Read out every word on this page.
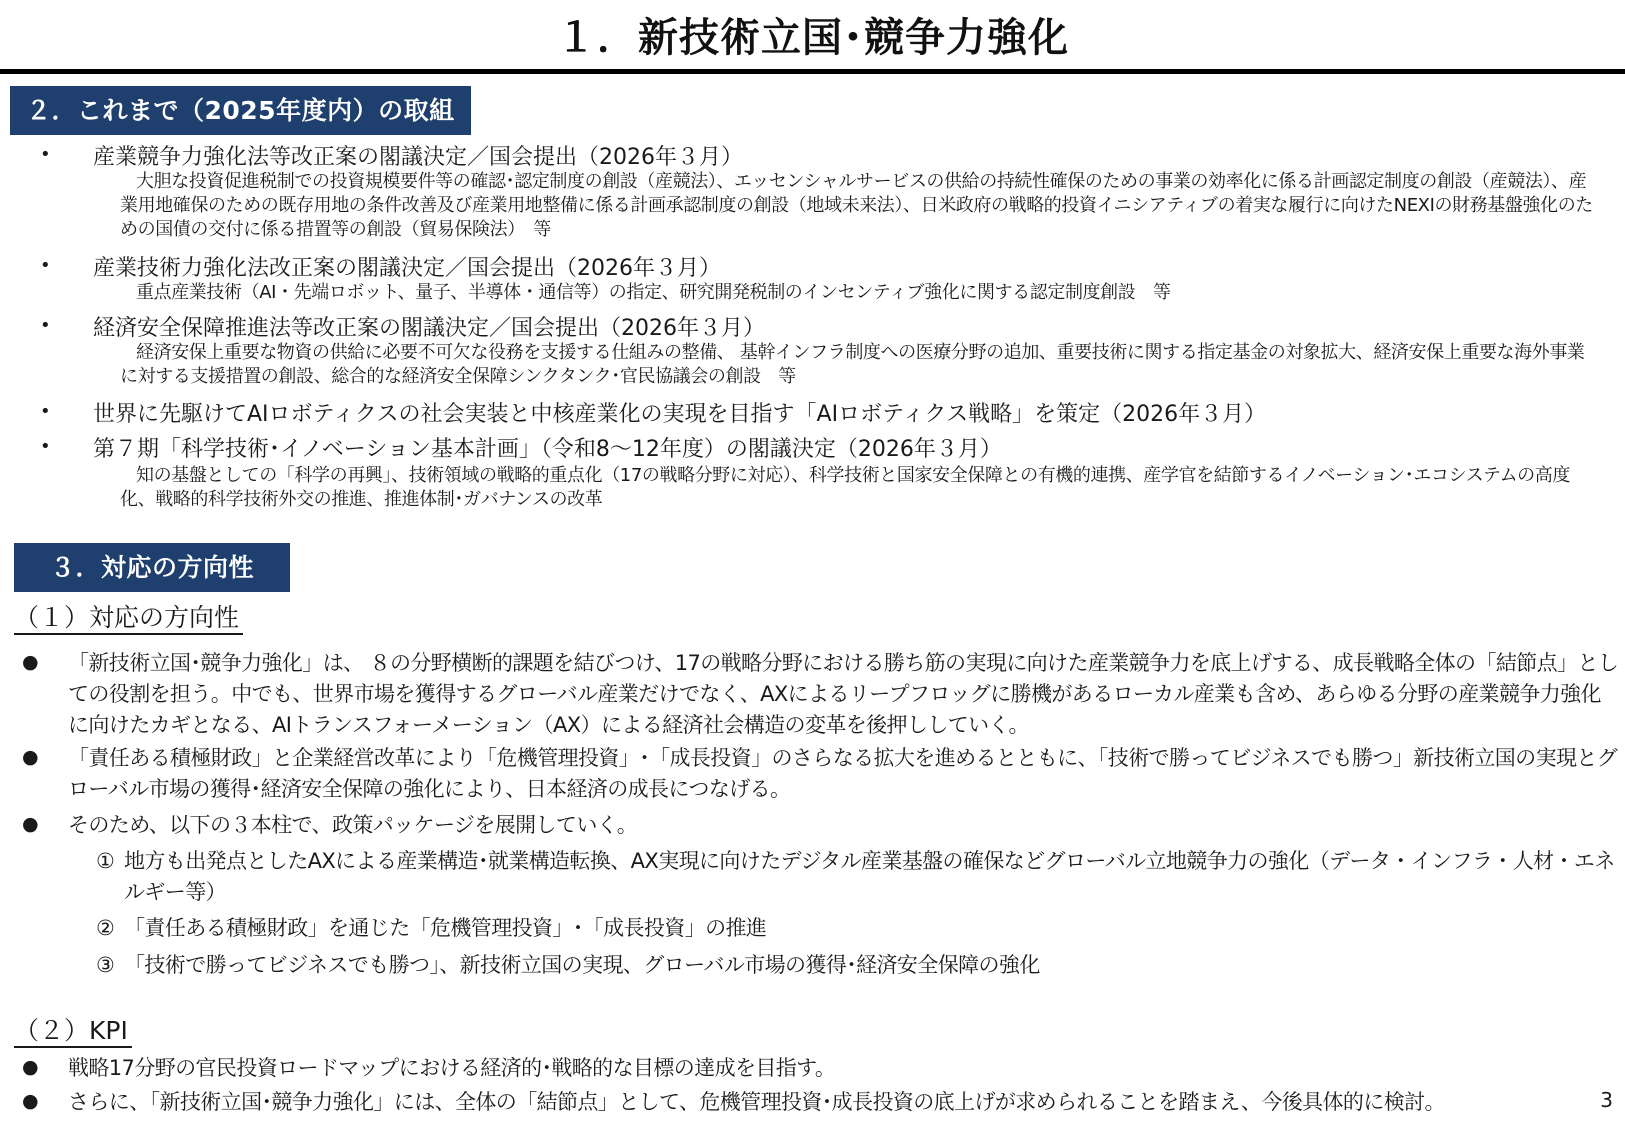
１．新技術立国･競争力強化
２．これまで（2025年度内）の取組
• 産業競争力強化法等改正案の閣議決定／国会提出（2026年３月）
大胆な投資促進税制での投資規模要件等の確認･認定制度の創設（産競法）、エッセンシャルサービスの供給の持続性確保のための事業の効率化に係る計画認定制度の創設（産競法）、産業用地確保のための既存用地の条件改善及び産業用地整備に係る計画承認制度の創設（地域未来法）、日米政府の戦略的投資イニシアティブの着実な履行に向けたNEXIの財務基盤強化のための国債の交付に係る措置等の創設（貿易保険法）　等
• 産業技術力強化法改正案の閣議決定／国会提出（2026年３月）
重点産業技術（AI・先端ロボット、量子、半導体・通信等）の指定、研究開発税制のインセンティブ強化に関する認定制度創設　等
• 経済安全保障推進法等改正案の閣議決定／国会提出（2026年３月）
経済安保上重要な物資の供給に必要不可欠な役務を支援する仕組みの整備、 基幹インフラ制度への医療分野の追加、重要技術に関する指定基金の対象拡大、経済安保上重要な海外事業に対する支援措置の創設、総合的な経済安全保障シンクタンク･官民協議会の創設　等
• 世界に先駆けてAIロボティクスの社会実装と中核産業化の実現を目指す「AIロボティクス戦略」を策定（2026年３月）
• 第７期「科学技術･イノベーション基本計画」（令和8～12年度）の閣議決定（2026年３月）
知の基盤としての「科学の再興」、技術領域の戦略的重点化（17の戦略分野に対応）、科学技術と国家安全保障との有機的連携、産学官を結節するイノベーション･エコシステムの高度化、戦略的科学技術外交の推進、推進体制･ガバナンスの改革
３．対応の方向性
（１）対応の方向性
● 「新技術立国･競争力強化」は、 ８の分野横断的課題を結びつけ、17の戦略分野における勝ち筋の実現に向けた産業競争力を底上げする、成長戦略全体の「結節点」としての役割を担う。中でも、世界市場を獲得するグローバル産業だけでなく、AXによるリープフロッグに勝機があるローカル産業も含め、あらゆる分野の産業競争力強化に向けたカギとなる、AIトランスフォーメーション（AX）による経済社会構造の変革を後押ししていく。
● 「責任ある積極財政」と企業経営改革により「危機管理投資」･「成長投資」のさらなる拡大を進めるとともに、「技術で勝ってビジネスでも勝つ」新技術立国の実現とグローバル市場の獲得･経済安全保障の強化により、日本経済の成長につなげる。
● そのため、以下の３本柱で、政策パッケージを展開していく。
① 地方も出発点としたAXによる産業構造･就業構造転換、AX実現に向けたデジタル産業基盤の確保などグローバル立地競争力の強化（データ・インフラ・人材・エネルギー等）
② 「責任ある積極財政」を通じた「危機管理投資」･「成長投資」の推進
③ 「技術で勝ってビジネスでも勝つ」、新技術立国の実現、グローバル市場の獲得･経済安全保障の強化
（２）KPI
● 戦略17分野の官民投資ロードマップにおける経済的･戦略的な目標の達成を目指す。
● さらに、「新技術立国･競争力強化」には、全体の「結節点」として、危機管理投資･成長投資の底上げが求められることを踏まえ、今後具体的に検討。	3
